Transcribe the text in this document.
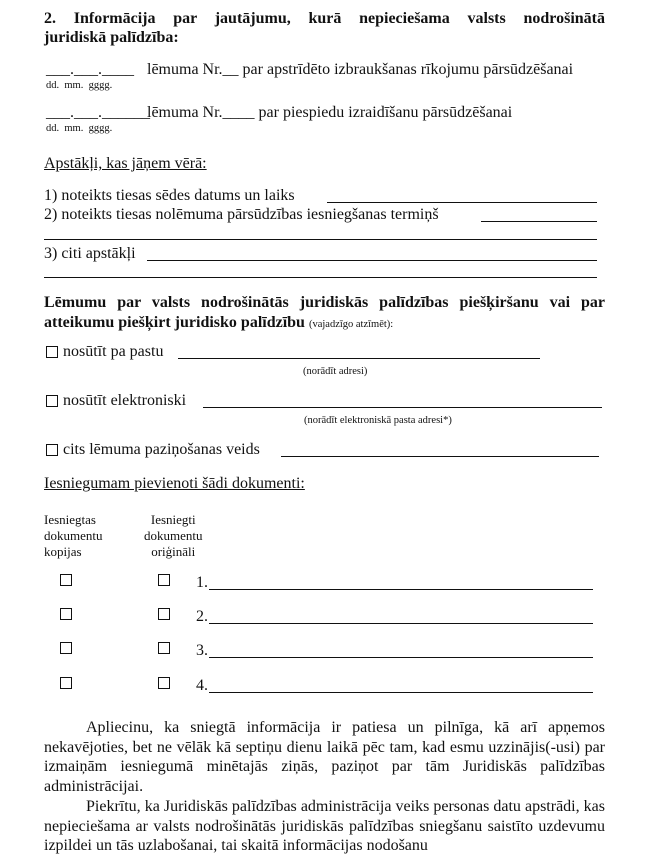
2. Informācija par jautājumu, kurā nepieciešama valsts nodrošinātā
juridiskā palīdzība:
___.___.____ lēmuma Nr.__ par apstrīdēto izbraukšanas rīkojumu pārsūdzēšanai
dd.  mm.  gggg.
___.___.______
lēmuma Nr.____ par piespiedu izraidīšanu pārsūdzēšanai
dd.  mm.  gggg.
Apstākļi, kas jāņem vērā:
1) noteikts tiesas sēdes datums un laiks
2) noteikts tiesas nolēmuma pārsūdzības iesniegšanas termiņš
3) citi apstākļi
Lēmumu par valsts nodrošinātās juridiskās palīdzības piešķiršanu vai par
atteikumu piešķirt juridisko palīdzību (vajadzīgo atzīmēt):
nosūtīt pa pastu
(norādīt adresi)
nosūtīt elektroniski
(norādīt elektroniskā pasta adresi*)
cits lēmuma paziņošanas veids
Iesniegumam pievienoti šādi dokumenti:
Iesniegtas
dokumentu
kopijas
Iesniegti
dokumentu
oriģināli
1.
2.
3.
4.
Apliecinu, ka sniegtā informācija ir patiesa un pilnīga, kā arī apņemos nekavējoties, bet ne vēlāk kā septiņu dienu laikā pēc tam, kad esmu uzzinājis(-usi) par izmaiņām iesniegumā minētajās ziņās, paziņot par tām Juridiskās palīdzības administrācijai.
Piekrītu, ka Juridiskās palīdzības administrācija veiks personas datu apstrādi, kas nepieciešama ar valsts nodrošinātās juridiskās palīdzības sniegšanu saistīto uzdevumu izpildei un tās uzlabošanai, tai skaitā informācijas nodošanu
